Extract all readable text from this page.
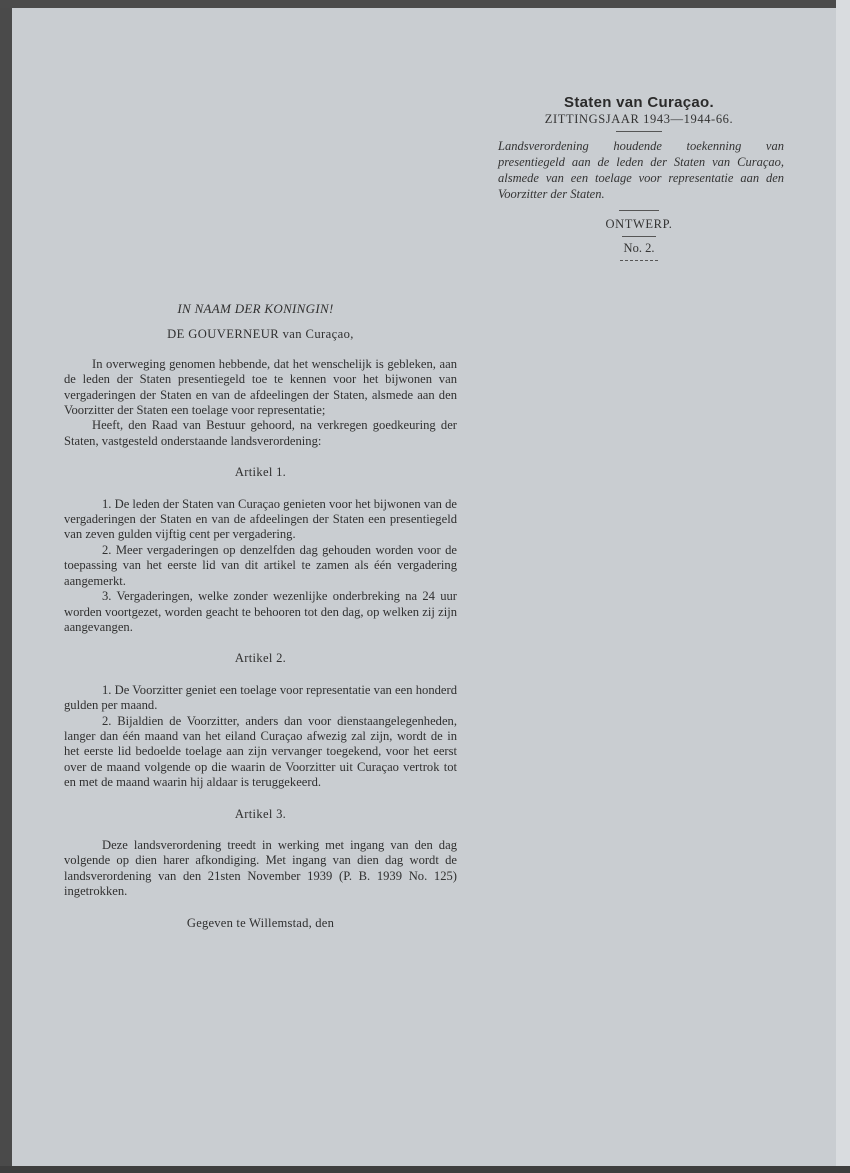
Staten van Curaçao.
ZITTINGSJAAR 1943—1944-66.
Landsverordening houdende toekenning van presentiegeld aan de leden der Staten van Curaçao, alsmede van een toelage voor representatie aan den Voorzitter der Staten.
ONTWERP.
No. 2.
IN NAAM DER KONINGIN!
DE GOUVERNEUR van Curaçao,

In overweging genomen hebbende, dat het wenschelijk is gebleken, aan de leden der Staten presentiegeld toe te kennen voor het bijwonen van vergaderingen der Staten en van de afdeelingen der Staten, alsmede aan den Voorzitter der Staten een toelage voor representatie;

Heeft, den Raad van Bestuur gehoord, na verkregen goedkeuring der Staten, vastgesteld onderstaande landsverordening:

Artikel 1.

1. De leden der Staten van Curaçao genieten voor het bijwonen van de vergaderingen der Staten en van de afdeelingen der Staten een presentiegeld van zeven gulden vijftig cent per vergadering.

2. Meer vergaderingen op denzelfden dag gehouden worden voor de toepassing van het eerste lid van dit artikel te zamen als één vergadering aangemerkt.

3. Vergaderingen, welke zonder wezenlijke onderbreking na 24 uur worden voortgezet, worden geacht te behooren tot den dag, op welken zij zijn aangevangen.

Artikel 2.

1. De Voorzitter geniet een toelage voor representatie van een honderd gulden per maand.

2. Bijaldien de Voorzitter, anders dan voor dienstaangelegenheden, langer dan één maand van het eiland Curaçao afwezig zal zijn, wordt de in het eerste lid bedoelde toelage aan zijn vervanger toegekend, voor het eerst over de maand volgende op die waarin de Voorzitter uit Curaçao vertrok tot en met de maand waarin hij aldaar is teruggekeerd.

Artikel 3.

Deze landsverordening treedt in werking met ingang van den dag volgende op dien harer afkondiging. Met ingang van dien dag wordt de landsverordening van den 21sten November 1939 (P. B. 1939 No. 125) ingetrokken.

Gegeven te Willemstad, den
